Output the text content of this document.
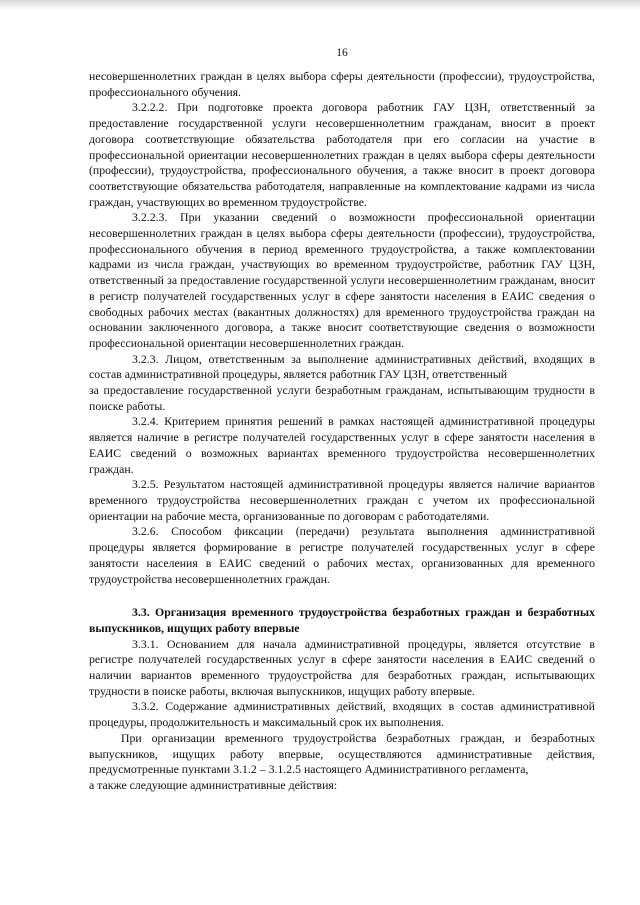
16

несовершеннолетних граждан в целях выбора сферы деятельности (профессии), трудоустройства, профессионального обучения.

3.2.2.2. При подготовке проекта договора работник ГАУ ЦЗН, ответственный за предоставление государственной услуги несовершеннолетним гражданам, вносит в проект договора соответствующие обязательства работодателя при его согласии на участие в профессиональной ориентации несовершеннолетних граждан в целях выбора сферы деятельности (профессии), трудоустройства, профессионального обучения, а также вносит в проект договора соответствующие обязательства работодателя, направленные на комплектование кадрами из числа граждан, участвующих во временном трудоустройстве.

3.2.2.3. При указании сведений о возможности профессиональной ориентации несовершеннолетних граждан в целях выбора сферы деятельности (профессии), трудоустройства, профессионального обучения в период временного трудоустройства, а также комплектовании кадрами из числа граждан, участвующих во временном трудоустройстве, работник ГАУ ЦЗН, ответственный за предоставление государственной услуги несовершеннолетним гражданам, вносит в регистр получателей государственных услуг в сфере занятости населения в ЕАИС сведения о свободных рабочих местах (вакантных должностях) для временного трудоустройства граждан на основании заключенного договора, а также вносит соответствующие сведения о возможности профессиональной ориентации несовершеннолетних граждан.

3.2.3. Лицом, ответственным за выполнение административных действий, входящих в состав административной процедуры, является работник ГАУ ЦЗН, ответственный

за предоставление государственной услуги безработным гражданам, испытывающим трудности в поиске работы.

3.2.4. Критерием принятия решений в рамках настоящей административной процедуры является наличие в регистре получателей государственных услуг в сфере занятости населения в ЕАИС сведений о возможных вариантах временного трудоустройства несовершеннолетних граждан.

3.2.5. Результатом настоящей административной процедуры является наличие вариантов временного трудоустройства несовершеннолетних граждан с учетом их профессиональной ориентации на рабочие места, организованные по договорам с работодателями.

3.2.6. Способом фиксации (передачи) результата выполнения административной процедуры является формирование в регистре получателей государственных услуг в сфере занятости населения в ЕАИС сведений о рабочих местах, организованных для временного трудоустройства несовершеннолетних граждан.

3.3. Организация временного трудоустройства безработных граждан и безработных выпускников, ищущих работу впервые

3.3.1. Основанием для начала административной процедуры, является отсутствие в регистре получателей государственных услуг в сфере занятости населения в ЕАИС сведений о наличии вариантов временного трудоустройства для безработных граждан, испытывающих трудности в поиске работы, включая выпускников, ищущих работу впервые.

3.3.2. Содержание административных действий, входящих в состав административной процедуры, продолжительность и максимальный срок их выполнения.

При организации временного трудоустройства безработных граждан, и безработных выпускников, ищущих работу впервые, осуществляются административные действия, предусмотренные пунктами 3.1.2 – 3.1.2.5 настоящего Административного регламента,

а также следующие административные действия:
